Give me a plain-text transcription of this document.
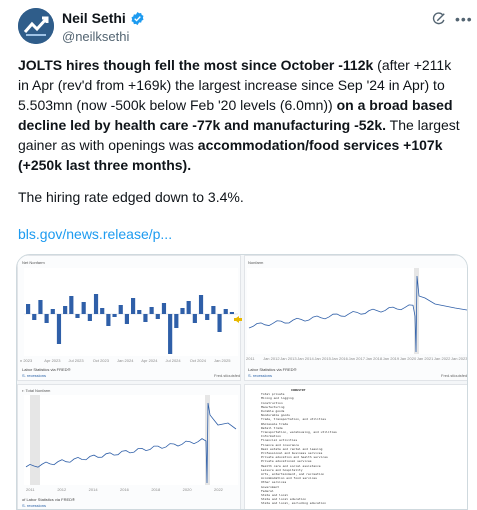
Neil Sethi
@neilksethi
•••
JOLTS hires though fell the most since October -112k (after +211k in Apr (rev'd from +169k) the largest increase since Sep '24 in Apr) to 5.503mn (now -500k below Feb '20 levels (6.0mn)) on a broad based decline led by health care -77k and manufacturing -52k. The largest gainer as with openings was accommodation/food services +107k (+250k last three months).
The hiring rate edged down to 3.4%.
bls.gov/news.release/p...
Net Nonfarm
n 2023	Apr 2023 Jul 2023 Oct 2023 Jan 2024 Apr 2024 Jul 2024 Oct 2024 Jan 2025
Labor Statistics via FRED®
S. recessions	Fred.stlouisfed
Nonfarm
2011 Jan 2012 Jan 2013 Jan 2014 Jan 2015 Jan 2016 Jan 2017 Jan 2018 Jan 2019 Jan 2020 Jan 2021 Jan 2022 Jan 2023
Labor Statistics via FRED®
S. recessions	Fred.stlouisfed
r: Total Nonfarm
2011	2012	2014	2016	2018	2020	2022
of Labor Statistics via FRED®
S. recessions
INDUSTRY
Total private
Mining and logging
Construction
Manufacturing
Durable goods
Nondurable goods
Trade, transportation, and utilities
Wholesale trade
Retail trade
Transportation, warehousing, and utilities
Information
Financial activities
Finance and insurance
Real estate and rental and leasing
Professional and business services
Private education and health services
Private educational services
Health care and social assistance
Leisure and hospitality
Arts, entertainment, and recreation
Accommodation and food services
Other services
Government
Federal
State and local
State and local education
State and local, excluding education
